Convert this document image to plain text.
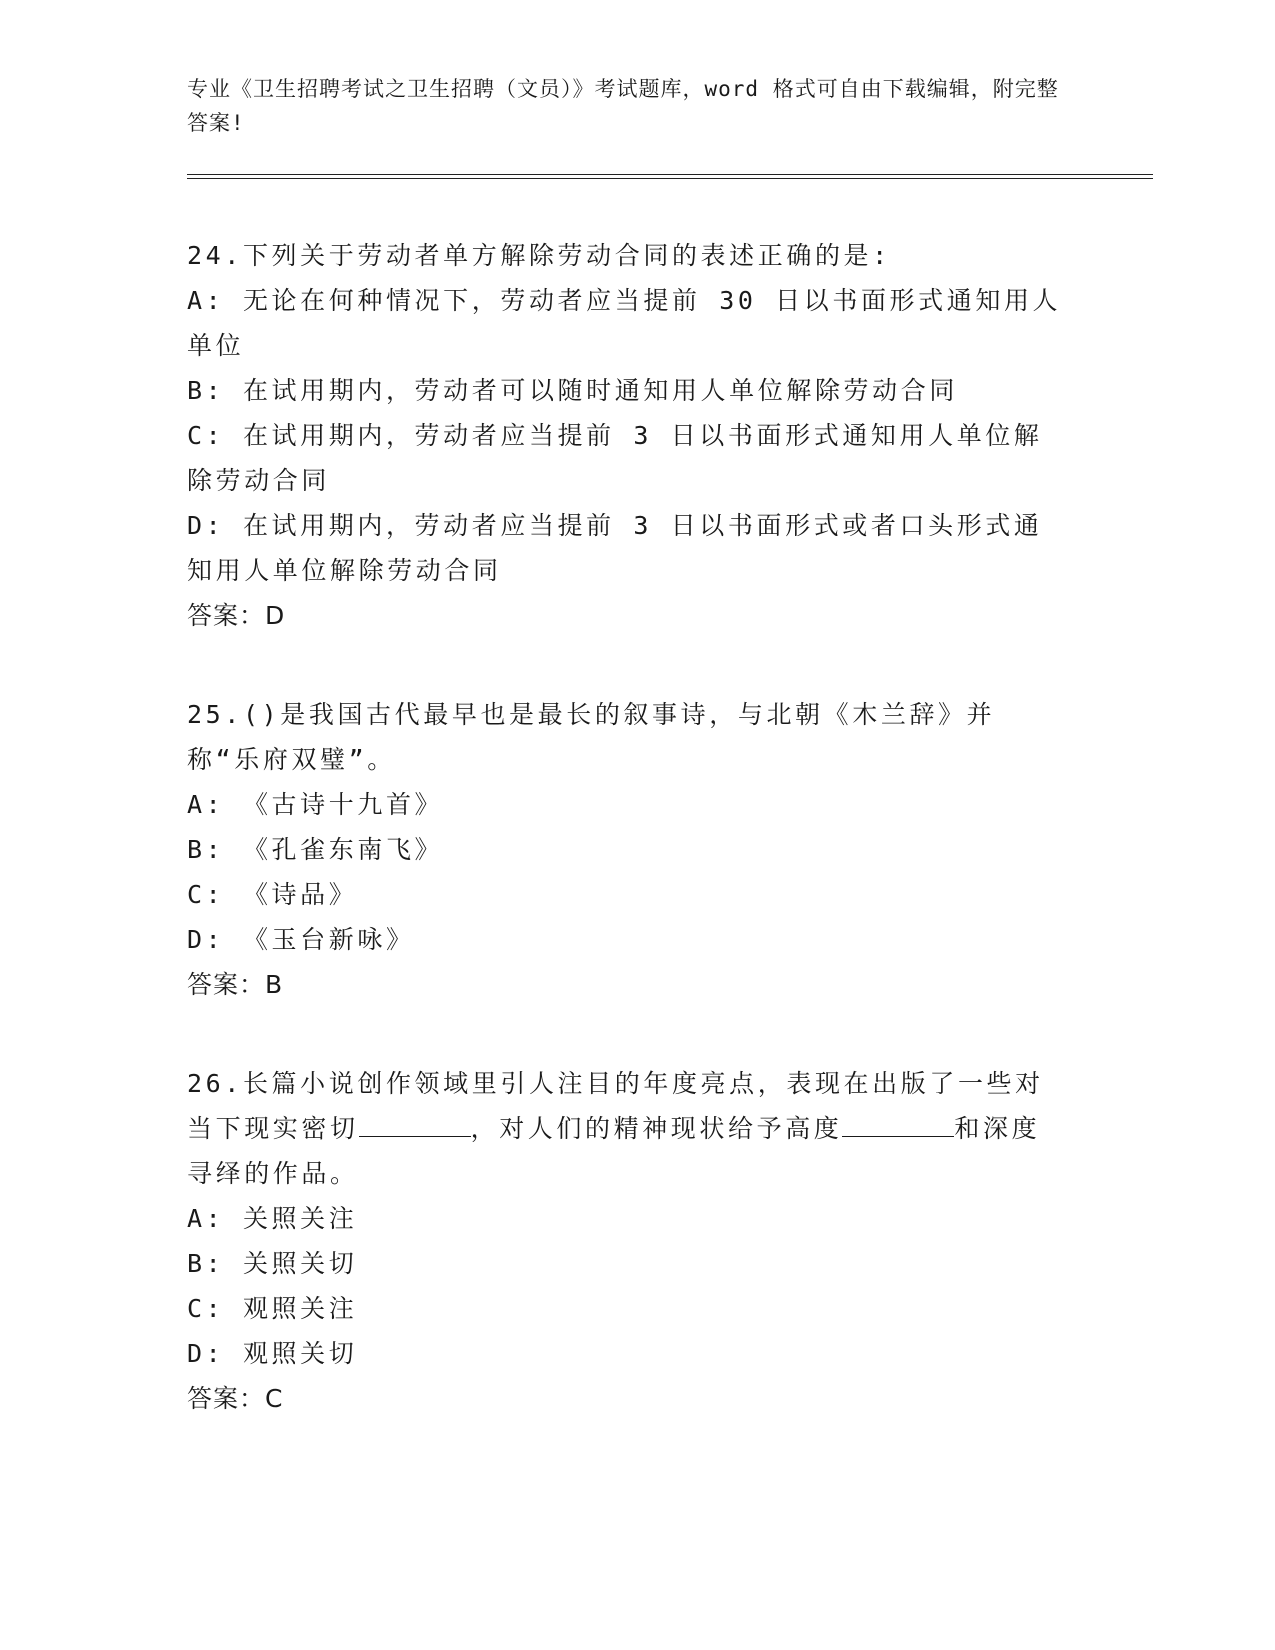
专业《卫生招聘考试之卫生招聘（文员）》考试题库，word 格式可自由下载编辑，附完整答案!
24.下列关于劳动者单方解除劳动合同的表述正确的是:
A: 无论在何种情况下，劳动者应当提前 30 日以书面形式通知用人单位
B: 在试用期内，劳动者可以随时通知用人单位解除劳动合同
C: 在试用期内，劳动者应当提前 3 日以书面形式通知用人单位解除劳动合同
D: 在试用期内，劳动者应当提前 3 日以书面形式或者口头形式通知用人单位解除劳动合同
答案：D
25.()是我国古代最早也是最长的叙事诗，与北朝《木兰辞》并称“乐府双璧”。
A: 《古诗十九首》
B: 《孔雀东南飞》
C: 《诗品》
D: 《玉台新咏》
答案：B
26.长篇小说创作领域里引人注目的年度亮点，表现在出版了一些对当下现实密切	，对人们的精神现状给予高度	和深度寻绎的作品。
A: 关照关注
B: 关照关切
C: 观照关注
D: 观照关切
答案：C
